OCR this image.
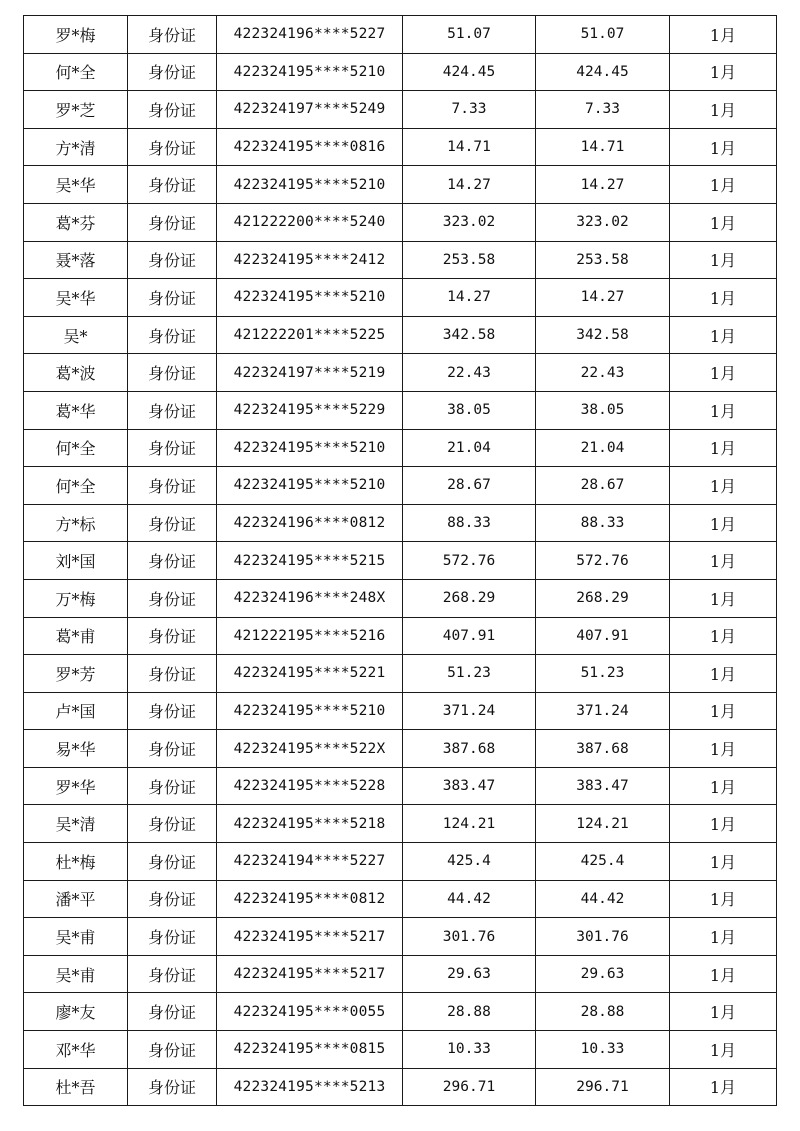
罗*梅	身份证	422324196****5227	51.07	51.07	1月
何*全	身份证	422324195****5210	424.45	424.45	1月
罗*芝	身份证	422324197****5249	7.33	7.33	1月
方*清	身份证	422324195****0816	14.71	14.71	1月
吴*华	身份证	422324195****5210	14.27	14.27	1月
葛*芬	身份证	421222200****5240	323.02	323.02	1月
聂*落	身份证	422324195****2412	253.58	253.58	1月
吴*华	身份证	422324195****5210	14.27	14.27	1月
吴*	身份证	421222201****5225	342.58	342.58	1月
葛*波	身份证	422324197****5219	22.43	22.43	1月
葛*华	身份证	422324195****5229	38.05	38.05	1月
何*全	身份证	422324195****5210	21.04	21.04	1月
何*全	身份证	422324195****5210	28.67	28.67	1月
方*标	身份证	422324196****0812	88.33	88.33	1月
刘*国	身份证	422324195****5215	572.76	572.76	1月
万*梅	身份证	422324196****248X	268.29	268.29	1月
葛*甫	身份证	421222195****5216	407.91	407.91	1月
罗*芳	身份证	422324195****5221	51.23	51.23	1月
卢*国	身份证	422324195****5210	371.24	371.24	1月
易*华	身份证	422324195****522X	387.68	387.68	1月
罗*华	身份证	422324195****5228	383.47	383.47	1月
吴*清	身份证	422324195****5218	124.21	124.21	1月
杜*梅	身份证	422324194****5227	425.4	425.4	1月
潘*平	身份证	422324195****0812	44.42	44.42	1月
吴*甫	身份证	422324195****5217	301.76	301.76	1月
吴*甫	身份证	422324195****5217	29.63	29.63	1月
廖*友	身份证	422324195****0055	28.88	28.88	1月
邓*华	身份证	422324195****0815	10.33	10.33	1月
杜*吾	身份证	422324195****5213	296.71	296.71	1月
